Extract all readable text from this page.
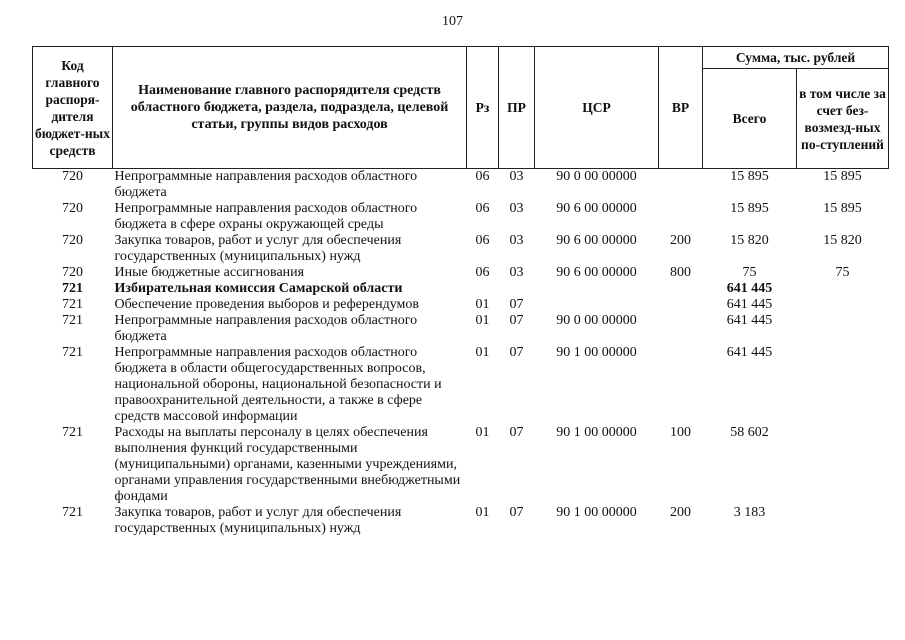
107
Код главного распоря-дителя бюджет-ных средств	Наименование главного распорядителя средств областного бюджета, раздела, подраздела, целевой статьи, группы видов расходов	Рз	ПР	ЦСР	ВР	Сумма, тыс. рублей	
						Всего	в том числе за счет без-возмезд-ных по-ступлений
720	Непрограммные направления расходов областного бюджета	06	03	90 0 00 00000		15 895	15 895
720	Непрограммные направления расходов областного бюджета в сфере охраны окружающей среды	06	03	90 6 00 00000		15 895	15 895
720	Закупка товаров, работ и услуг для обеспечения государственных (муниципальных) нужд	06	03	90 6 00 00000	200	15 820	15 820
720	Иные бюджетные ассигнования	06	03	90 6 00 00000	800	75	75
721	Избирательная комиссия Самарской области					641 445	
721	Обеспечение проведения выборов и референдумов	01	07			641 445	
721	Непрограммные направления расходов областного бюджета	01	07	90 0 00 00000		641 445	
721	Непрограммные направления расходов областного бюджета в области общегосударственных вопросов, национальной обороны, национальной безопасности и правоохранительной деятельности, а также в сфере средств массовой информации	01	07	90 1 00 00000		641 445	
721	Расходы на выплаты персоналу в целях обеспечения выполнения функций государственными (муниципальными) органами, казенными учреждениями, органами управления государственными внебюджетными фондами	01	07	90 1 00 00000	100	58 602	
721	Закупка товаров, работ и услуг для обеспечения государственных (муниципальных) нужд	01	07	90 1 00 00000	200	3 183	
